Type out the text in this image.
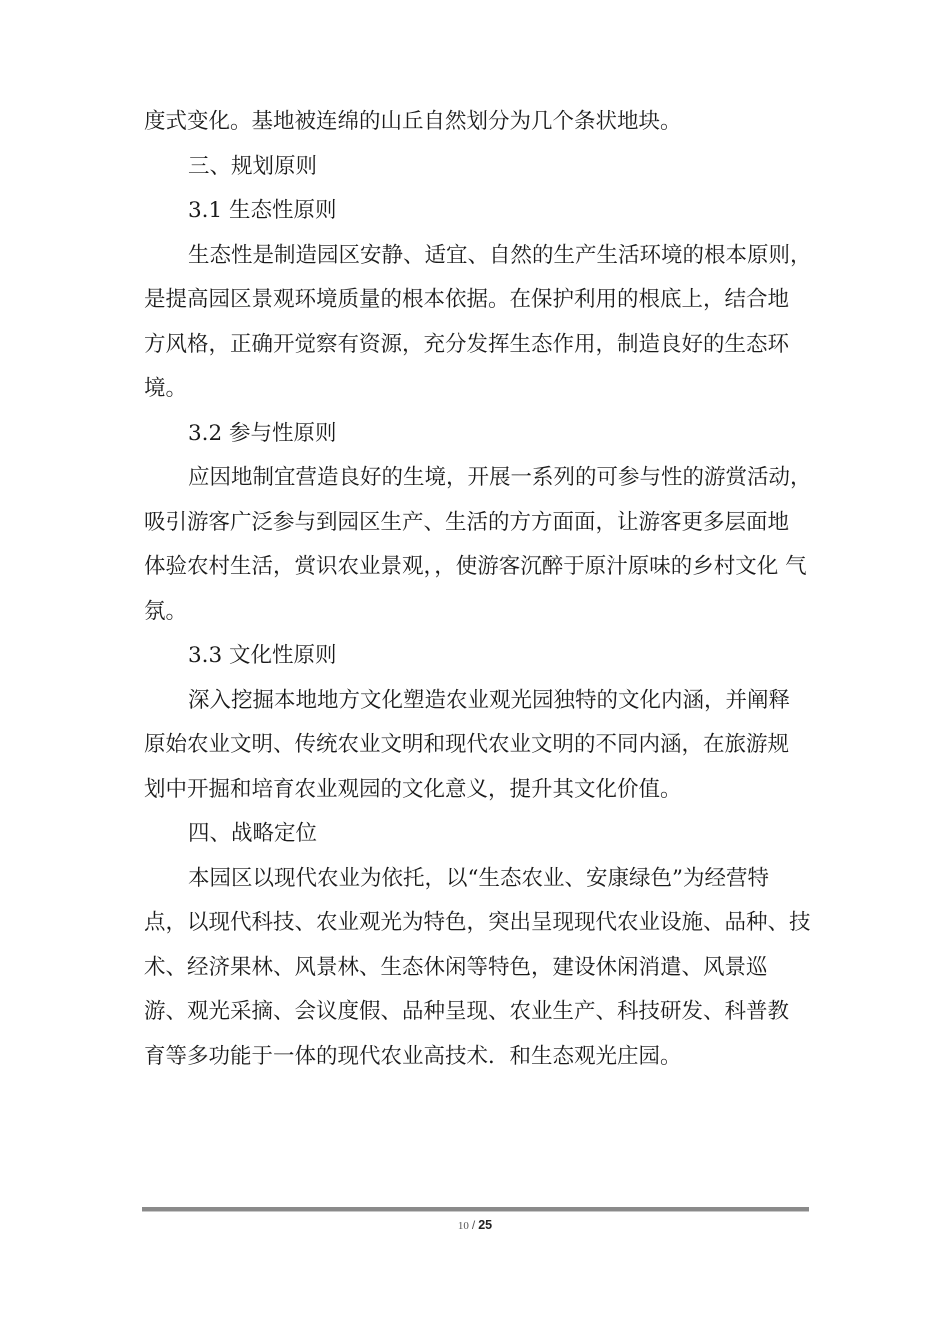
度式变化。基地被连绵的山丘自然划分为几个条状地块。
三、规划原则
3.1 生态性原则
生态性是制造园区安静、适宜、自然的生产生活环境的根本原则，
是提高园区景观环境质量的根本依据。在保护利用的根底上，结合地
方风格，正确开觉察有资源，充分发挥生态作用，制造良好的生态环
境。
3.2 参与性原则
应因地制宜营造良好的生境，开展一系列的可参与性的游赏活动，
吸引游客广泛参与到园区生产、生活的方方面面，让游客更多层面地
体验农村生活，赏识农业景观，，使游客沉醉于原汁原味的乡村文化 气
氛。
3.3 文化性原则
深入挖掘本地地方文化塑造农业观光园独特的文化内涵，并阐释
原始农业文明、传统农业文明和现代农业文明的不同内涵，在旅游规
划中开掘和培育农业观园的文化意义，提升其文化价值。
四、战略定位
本园区以现代农业为依托，以“生态农业、安康绿色”为经营特
点，以现代科技、农业观光为特色，突出呈现现代农业设施、品种、技
术、经济果林、风景林、生态休闲等特色，建设休闲消遣、风景巡
游、观光采摘、会议度假、品种呈现、农业生产、科技研发、科普教
育等多功能于一体的现代农业高技术．和生态观光庄园。
10 / 25
